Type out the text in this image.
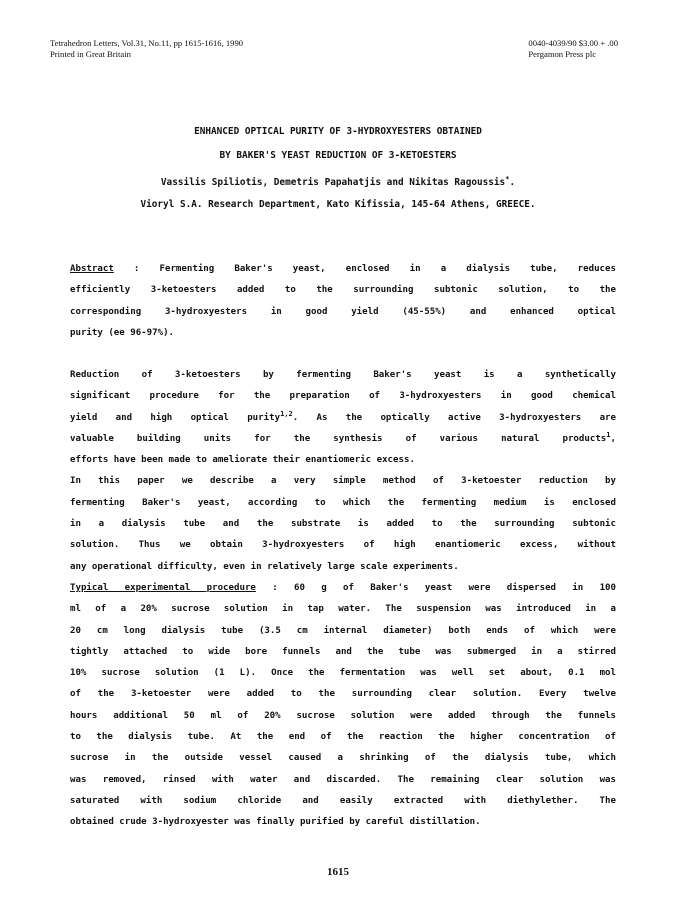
Tetrahedron Letters, Vol.31, No.11, pp 1615-1616, 1990
Printed in Great Britain
0040-4039/90 $3.00 + .00
Pergamon Press plc
ENHANCED OPTICAL PURITY OF 3-HYDROXYESTERS OBTAINED
BY BAKER'S YEAST REDUCTION OF 3-KETOESTERS
Vassilis Spiliotis, Demetris Papahatjis and Nikitas Ragoussis*.
Vioryl S.A. Research Department, Kato Kifissia, 145-64 Athens, GREECE.
Abstract : Fermenting Baker's yeast, enclosed in a dialysis tube, reduces
efficiently 3-ketoesters added to the surrounding subtonic solution, to the
corresponding 3-hydroxyesters in good yield (45-55%) and enhanced optical
purity (ee 96-97%).
Reduction of 3-ketoesters by fermenting Baker's yeast is a synthetically
significant procedure for the preparation of 3-hydroxyesters in good chemical
yield and high optical purity$^{1,2}$. As the optically active 3-hydroxyesters are
valuable building units for the synthesis of various natural products$^1$,
efforts have been made to ameliorate their enantiomeric excess.
In this paper we describe a very simple method of 3-ketoester reduction by
fermenting Baker's yeast, according to which the fermenting medium is enclosed
in a dialysis tube and the substrate is added to the surrounding subtonic
solution. Thus we obtain 3-hydroxyesters of high enantiomeric excess, without
any operational difficulty, even in relatively large scale experiments.
Typical experimental procedure : 60 g of Baker's yeast were dispersed in 100
ml of a 20% sucrose solution in tap water. The suspension was introduced in a
20 cm long dialysis tube (3.5 cm internal diameter) both ends of which were
tightly attached to wide bore funnels and the tube was submerged in a stirred
10% sucrose solution (1 L). Once the fermentation was well set about, 0.1 mol
of the 3-ketoester were added to the surrounding clear solution. Every twelve
hours additional 50 ml of 20% sucrose solution were added through the funnels
to the dialysis tube. At the end of the reaction the higher concentration of
sucrose in the outside vessel caused a shrinking of the dialysis tube, which
was removed, rinsed with water and discarded. The remaining clear solution was
saturated with sodium chloride and easily extracted with diethylether. The
obtained crude 3-hydroxyester was finally purified by careful distillation.
1615
